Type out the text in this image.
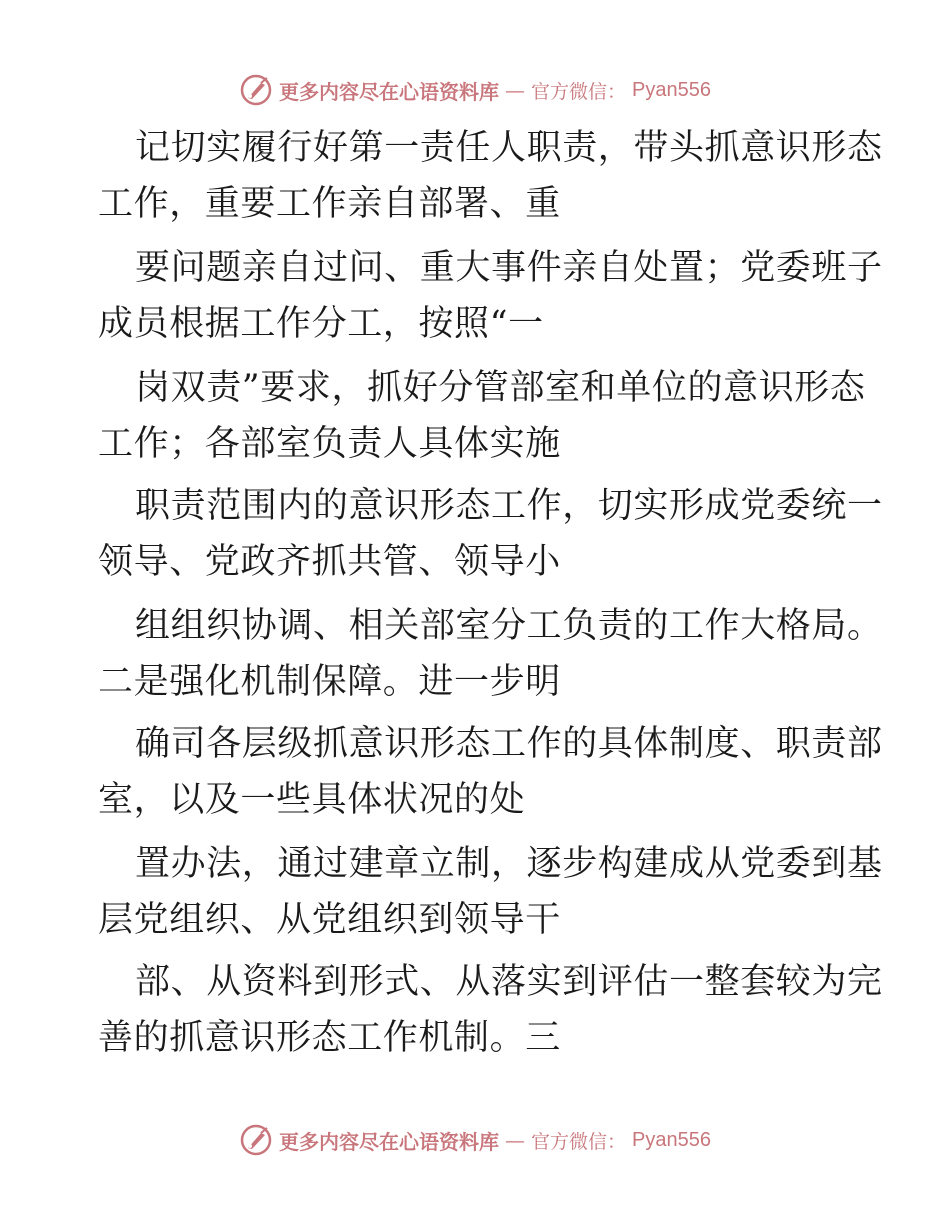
更多内容尽在心语资料库 — 官方微信： Pyan556
记切实履行好第一责任人职责，带头抓意识形态
工作，重要工作亲自部署、重
要问题亲自过问、重大事件亲自处置；党委班子
成员根据工作分工，按照“一
岗双责”要求，抓好分管部室和单位的意识形态
工作；各部室负责人具体实施
职责范围内的意识形态工作，切实形成党委统一
领导、党政齐抓共管、领导小
组组织协调、相关部室分工负责的工作大格局。
二是强化机制保障。进一步明
确司各层级抓意识形态工作的具体制度、职责部
室，以及一些具体状况的处
置办法，通过建章立制，逐步构建成从党委到基
层党组织、从党组织到领导干
部、从资料到形式、从落实到评估一整套较为完
善的抓意识形态工作机制。三
更多内容尽在心语资料库 — 官方微信： Pyan556
